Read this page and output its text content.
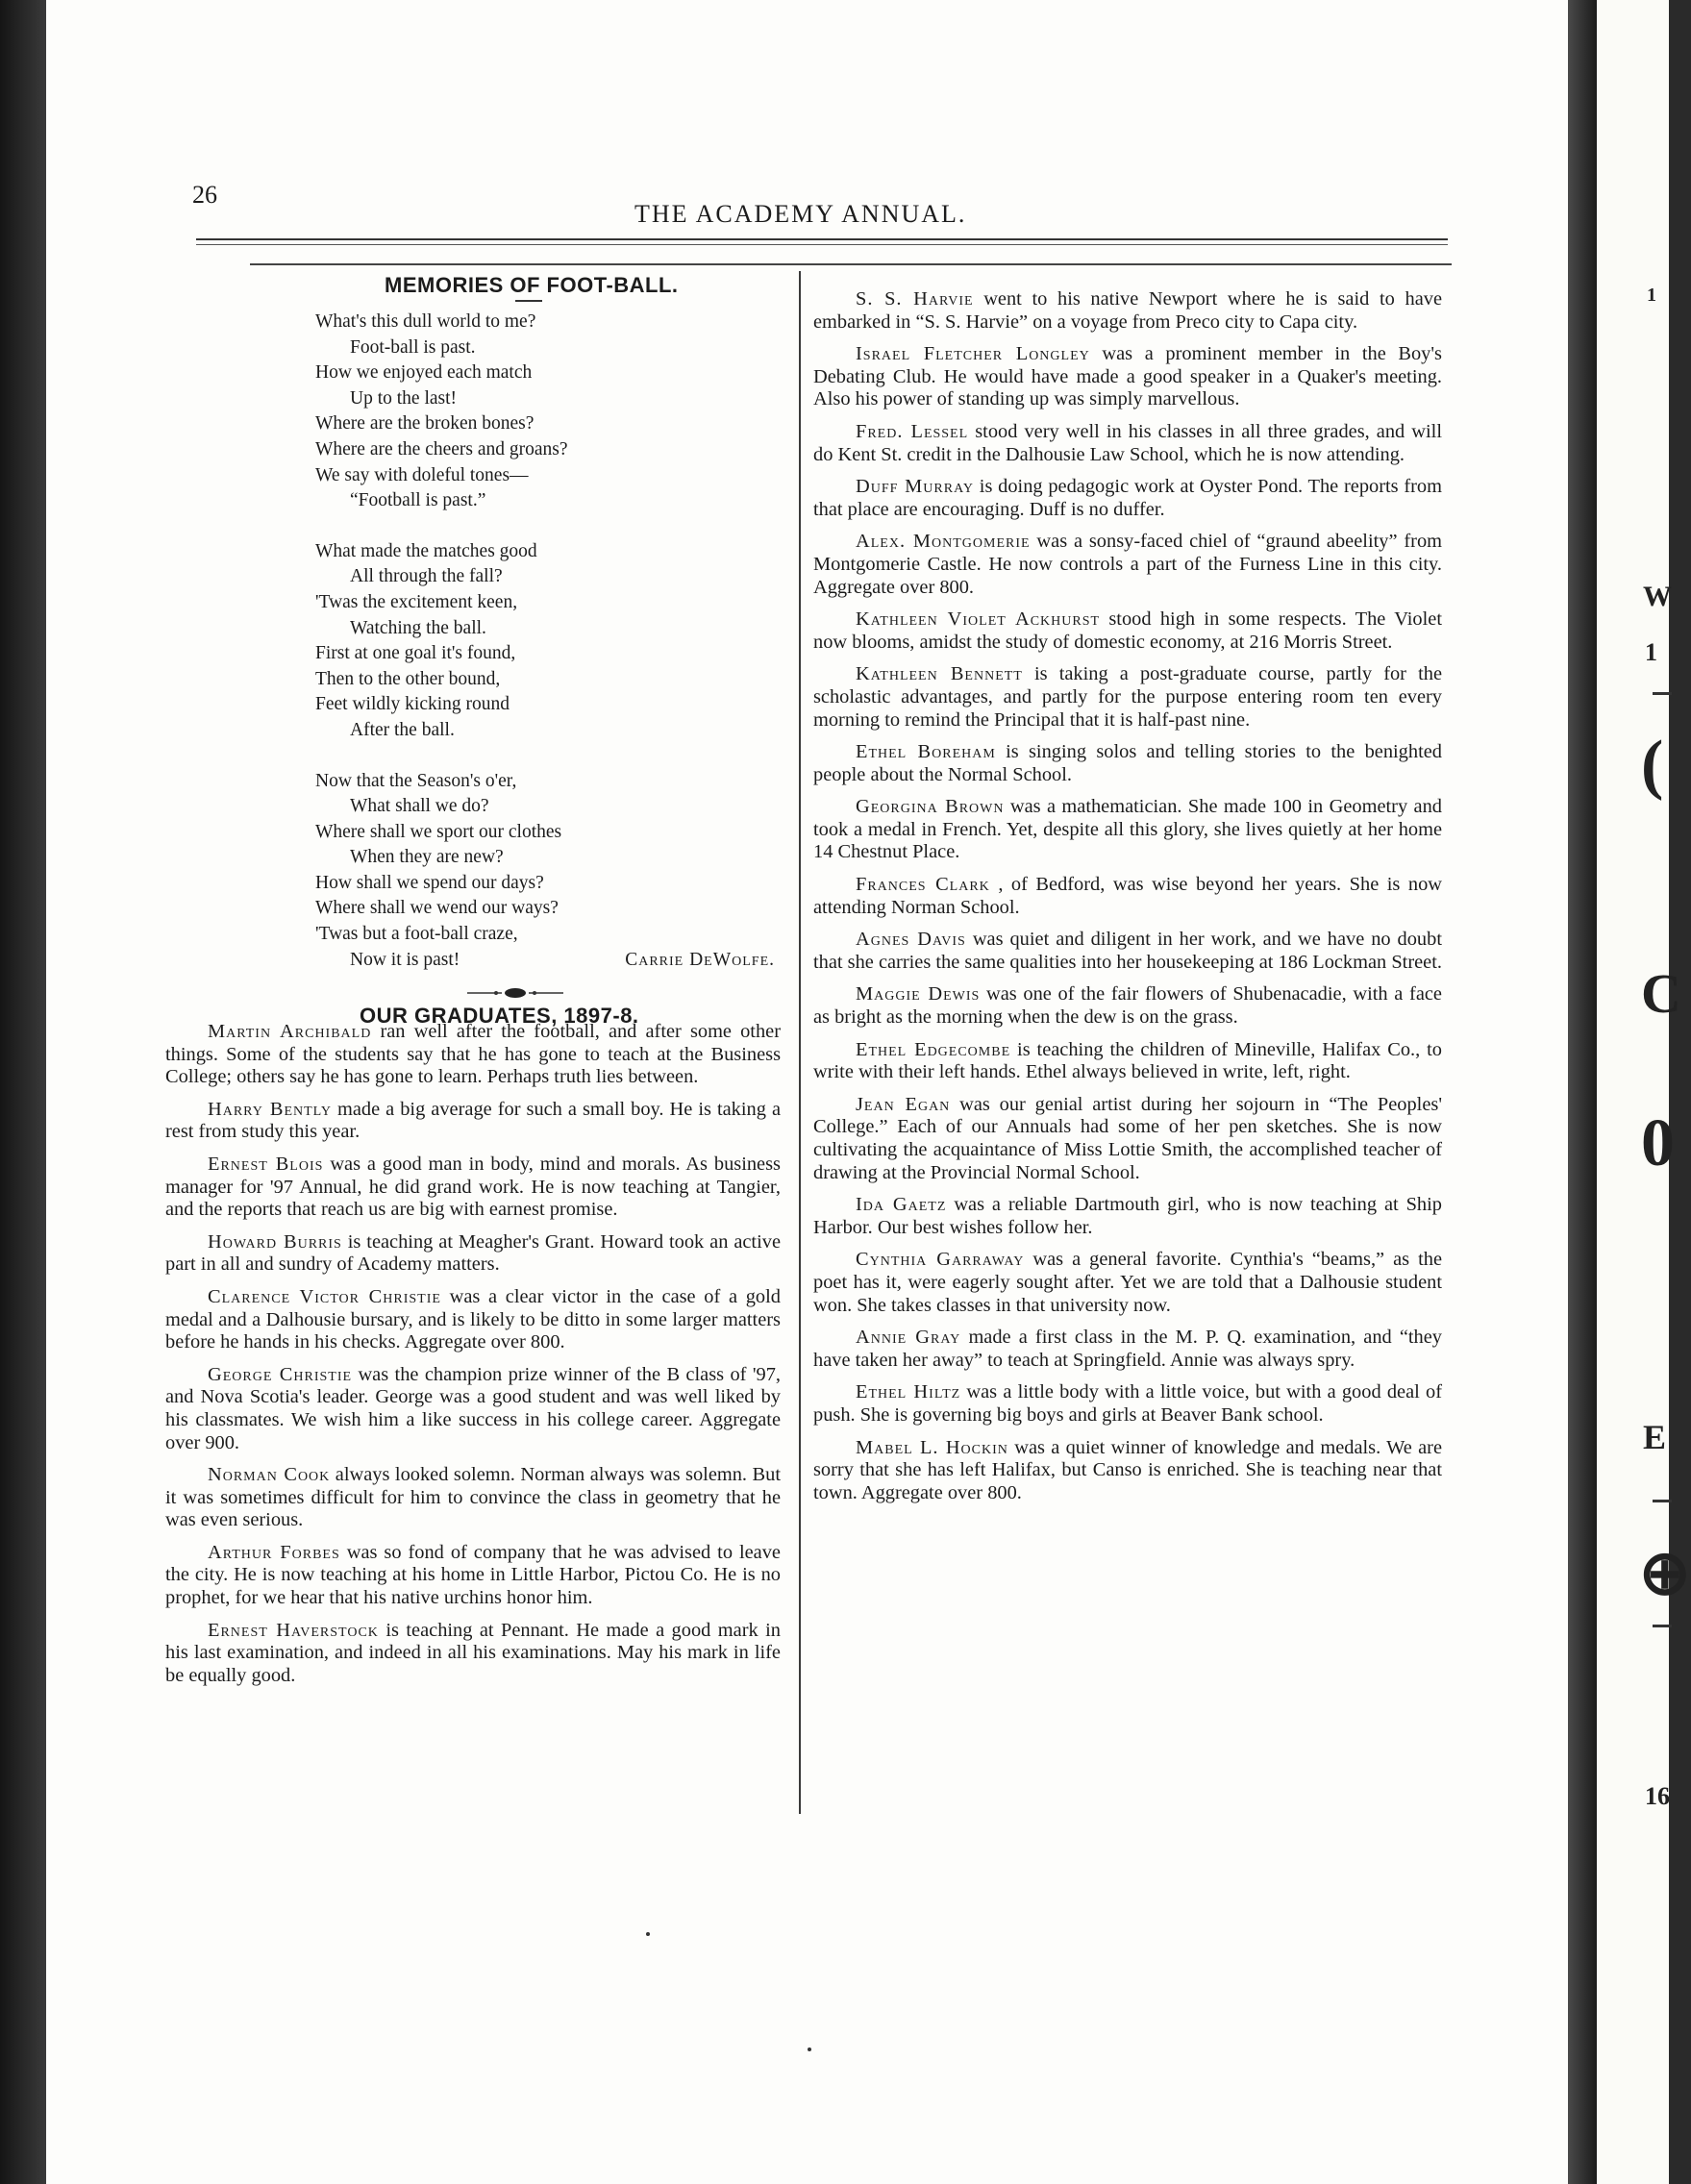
1
W
1
(
C
0
E
⊕
16
26
THE ACADEMY ANNUAL.
MEMORIES OF FOOT-BALL.
What's this dull world to me?
Foot-ball is past.
How we enjoyed each match
Up to the last!
Where are the broken bones?
Where are the cheers and groans?
We say with doleful tones—
“Football is past.”
What made the matches good
All through the fall?
'Twas the excitement keen,
Watching the ball.
First at one goal it's found,
Then to the other bound,
Feet wildly kicking round
After the ball.
Now that the Season's o'er,
What shall we do?
Where shall we sport our clothes
When they are new?
How shall we spend our days?
Where shall we wend our ways?
'Twas but a foot-ball craze,
Now it is past!	Carrie DeWolfe.
OUR GRADUATES, 1897-8.

Martin Archibald ran well after the football, and after some other things. Some of the students say that he has gone to teach at the Business College; others say he has gone to learn. Perhaps truth lies between.

Harry Bently made a big average for such a small boy. He is taking a rest from study this year.

Ernest Blois was a good man in body, mind and morals. As business manager for '97 Annual, he did grand work. He is now teaching at Tangier, and the reports that reach us are big with earnest promise.

Howard Burris is teaching at Meagher's Grant. Howard took an active part in all and sundry of Academy matters.

Clarence Victor Christie was a clear victor in the case of a gold medal and a Dalhousie bursary, and is likely to be ditto in some larger matters before he hands in his checks. Aggregate over 800.

George Christie was the champion prize winner of the B class of '97, and Nova Scotia's leader. George was a good student and was well liked by his classmates. We wish him a like success in his college career. Aggregate over 900.

Norman Cook always looked solemn. Norman always was solemn. But it was sometimes difficult for him to convince the class in geometry that he was even serious.

Arthur Forbes was so fond of company that he was advised to leave the city. He is now teaching at his home in Little Harbor, Pictou Co. He is no prophet, for we hear that his native urchins honor him.

Ernest Haverstock is teaching at Pennant. He made a good mark in his last examination, and indeed in all his examinations. May his mark in life be equally good.

S. S. Harvie went to his native Newport where he is said to have embarked in “S. S. Harvie” on a voyage from Preco city to Capa city.

Israel Fletcher Longley was a prominent member in the Boy's Debating Club. He would have made a good speaker in a Quaker's meeting. Also his power of standing up was simply marvellous.

Fred. Lessel stood very well in his classes in all three grades, and will do Kent St. credit in the Dalhousie Law School, which he is now attending.

Duff Murray is doing pedagogic work at Oyster Pond. The reports from that place are encouraging. Duff is no duffer.

Alex. Montgomerie was a sonsy-faced chiel of “graund abeelity” from Montgomerie Castle. He now controls a part of the Furness Line in this city. Aggregate over 800.

Kathleen Violet Ackhurst stood high in some respects. The Violet now blooms, amidst the study of domestic economy, at 216 Morris Street.

Kathleen Bennett is taking a post-graduate course, partly for the scholastic advantages, and partly for the purpose entering room ten every morning to remind the Principal that it is half-past nine.

Ethel Boreham is singing solos and telling stories to the benighted people about the Normal School.

Georgina Brown was a mathematician. She made 100 in Geometry and took a medal in French. Yet, despite all this glory, she lives quietly at her home 14 Chestnut Place.

Frances Clark , of Bedford, was wise beyond her years. She is now attending Norman School.

Agnes Davis was quiet and diligent in her work, and we have no doubt that she carries the same qualities into her housekeeping at 186 Lockman Street.

Maggie Dewis was one of the fair flowers of Shubenacadie, with a face as bright as the morning when the dew is on the grass.

Ethel Edgecombe is teaching the children of Mineville, Halifax Co., to write with their left hands. Ethel always believed in write, left, right.

Jean Egan was our genial artist during her sojourn in “The Peoples' College.” Each of our Annuals had some of her pen sketches. She is now cultivating the acquaintance of Miss Lottie Smith, the accomplished teacher of drawing at the Provincial Normal School.

Ida Gaetz was a reliable Dartmouth girl, who is now teaching at Ship Harbor. Our best wishes follow her.

Cynthia Garraway was a general favorite. Cynthia's “beams,” as the poet has it, were eagerly sought after. Yet we are told that a Dalhousie student won. She takes classes in that university now.

Annie Gray made a first class in the M. P. Q. examination, and “they have taken her away” to teach at Springfield. Annie was always spry.

Ethel Hiltz was a little body with a little voice, but with a good deal of push. She is governing big boys and girls at Beaver Bank school.

Mabel L. Hockin was a quiet winner of knowledge and medals. We are sorry that she has left Halifax, but Canso is enriched. She is teaching near that town. Aggregate over 800.
